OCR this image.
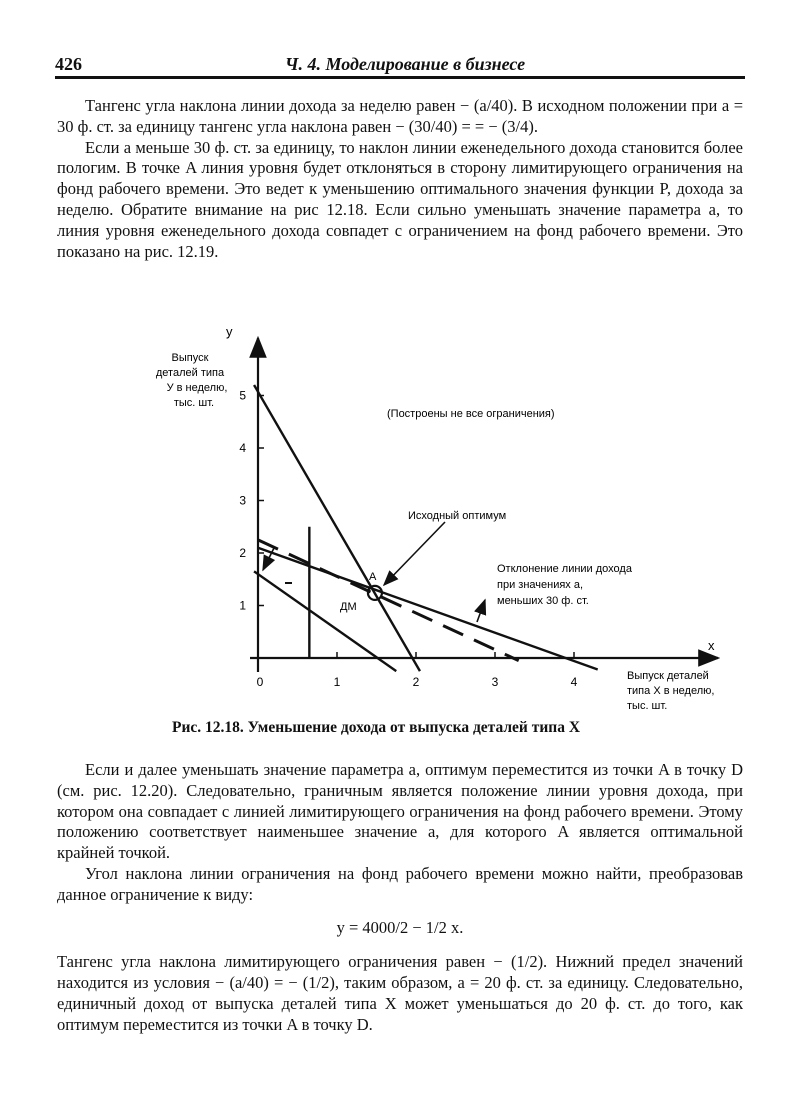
426	Ч. 4. Моделирование в бизнесе

Тангенс угла наклона линии дохода за неделю равен − (a/40). В исходном положении при a = 30 ф. ст. за единицу тангенс угла наклона равен − (30/40) = = − (3/4).

Если a меньше 30 ф. ст. за единицу, то наклон линии еженедельного дохода становится более пологим. В точке A линия уровня будет отклоняться в сторону лимитирующего ограничения на фонд рабочего времени. Это ведет к уменьшению оптимального значения функции P, дохода за неделю. Обратите внимание на рис 12.18. Если сильно уменьшать значение параметра a, то линия уровня еженедельного дохода совпадет с ограничением на фонд рабочего времени. Это показано на рис. 12.19.

0	1	2	3	4
1
2
3
4
5
y
x
Выпуск
деталей типа
У в неделю,
тыс. шт.
Выпуск деталей
типа X в неделю,
тыс. шт.
(Построены не все ограничения)
Исходный оптимум
Отклонение линии дохода
при значениях a,
меньших 30 ф. ст.
A
ДМ
Рис. 12.18. Уменьшение дохода от выпуска деталей типа X

Если и далее уменьшать значение параметра a, оптимум переместится из точки A в точку D (см. рис. 12.20). Следовательно, граничным является положение линии уровня дохода, при котором она совпадает с линией лимитирующего ограничения на фонд рабочего времени. Этому положению соответствует наименьшее значение a, для которого A является оптимальной крайней точкой.

Угол наклона линии ограничения на фонд рабочего времени можно найти, преобразовав данное ограничение к виду:

y = 4000/2 − 1/2 x.

Тангенс угла наклона лимитирующего ограничения равен − (1/2). Нижний предел значений находится из условия − (a/40) = − (1/2), таким образом, a = 20 ф. ст. за единицу. Следовательно, единичный доход от выпуска деталей типа X может уменьшаться до 20 ф. ст. до того, как оптимум переместится из точки A в точку D.
